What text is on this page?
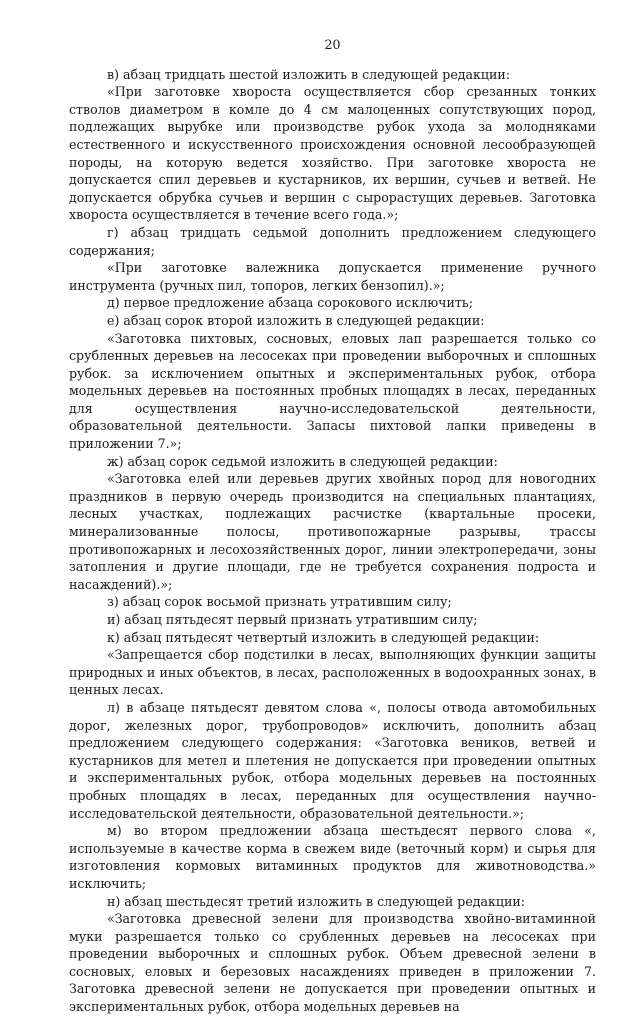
20

в) абзац тридцать шестой изложить в следующей редакции:

«При заготовке хвороста осуществляется сбор срезанных тонких стволов диаметром в комле до 4 см малоценных сопутствующих пород, подлежащих вырубке или производстве рубок ухода за молодняками естественного и искусственного происхождения основной лесообразующей породы, на которую ведется хозяйство. При заготовке хвороста не допускается спил деревьев и кустарников, их вершин, сучьев и ветвей. Не допускается обрубка сучьев и вершин с сырорастущих деревьев. Заготовка хвороста осуществляется в течение всего года.»;

г) абзац тридцать седьмой дополнить предложением следующего содержания;

«При заготовке валежника допускается применение ручного инструмента (ручных пил, топоров, легких бензопил).»;

д) первое предложение абзаца сорокового исключить;

е) абзац сорок второй изложить в следующей редакции:

«Заготовка пихтовых, сосновых, еловых лап разрешается только со срубленных деревьев на лесосеках при проведении выборочных и сплошных рубок. за исключением опытных и экспериментальных рубок, отбора модельных деревьев на постоянных пробных площадях в лесах, переданных для осуществления научно-исследовательской деятельности, образовательной деятельности. Запасы пихтовой лапки приведены в приложении 7.»;

ж) абзац сорок седьмой изложить в следующей редакции:

«Заготовка елей или деревьев других хвойных пород для новогодних праздников в первую очередь производится на специальных плантациях, лесных участках, подлежащих расчистке (квартальные просеки, минерализованные полосы, противопожарные разрывы, трассы противопожарных и лесохозяйственных дорог, линии электропередачи, зоны затопления и другие площади, где не требуется сохранения подроста и насаждений).»;

з) абзац сорок восьмой признать утратившим силу;

и) абзац пятьдесят первый признать утратившим силу;

к) абзац пятьдесят четвертый изложить в следующей редакции:

«Запрещается сбор подстилки в лесах, выполняющих функции защиты природных и иных объектов, в лесах, расположенных в водоохранных зонах, в ценных лесах.

л) в абзаце пятьдесят девятом слова «, полосы отвода автомобильных дорог, железных дорог, трубопроводов» исключить, дополнить абзац предложением следующего содержания: «Заготовка веников, ветвей и кустарников для метел и плетения не допускается при проведении опытных и экспериментальных рубок, отбора модельных деревьев на постоянных пробных площадях в лесах, переданных для осуществления научно-исследовательской деятельности, образовательной деятельности.»;

м) во втором предложении абзаца шестьдесят первого слова «, используемые в качестве корма в свежем виде (веточный корм) и сырья для изготовления кормовых витаминных продуктов для животноводства.» исключить;

н) абзац шестьдесят третий изложить в следующей редакции:

«Заготовка древесной зелени для производства хвойно-витаминной муки разрешается только со срубленных деревьев на лесосеках при проведении выборочных и сплошных рубок. Объем древесной зелени в сосновых, еловых и березовых насаждениях приведен в приложении 7. Заготовка древесной зелени не допускается при проведении опытных и экспериментальных рубок, отбора модельных деревьев на
